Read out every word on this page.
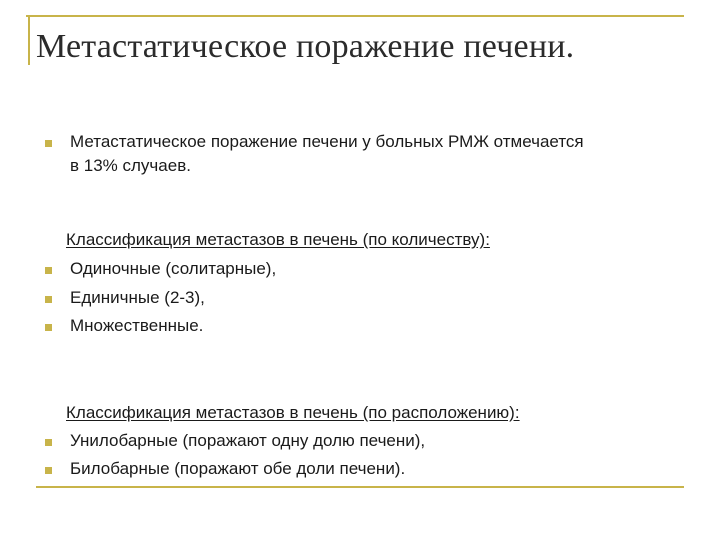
Метастатическое поражение печени.
Метастатическое поражение печени у больных РМЖ отмечается
в 13% случаев.
Классификация метастазов в печень (по количеству):
Одиночные (солитарные),
Единичные (2-3),
Множественные.
Классификация метастазов в печень (по расположению):
Унилобарные (поражают одну долю печени),
Билобарные (поражают обе доли печени).
